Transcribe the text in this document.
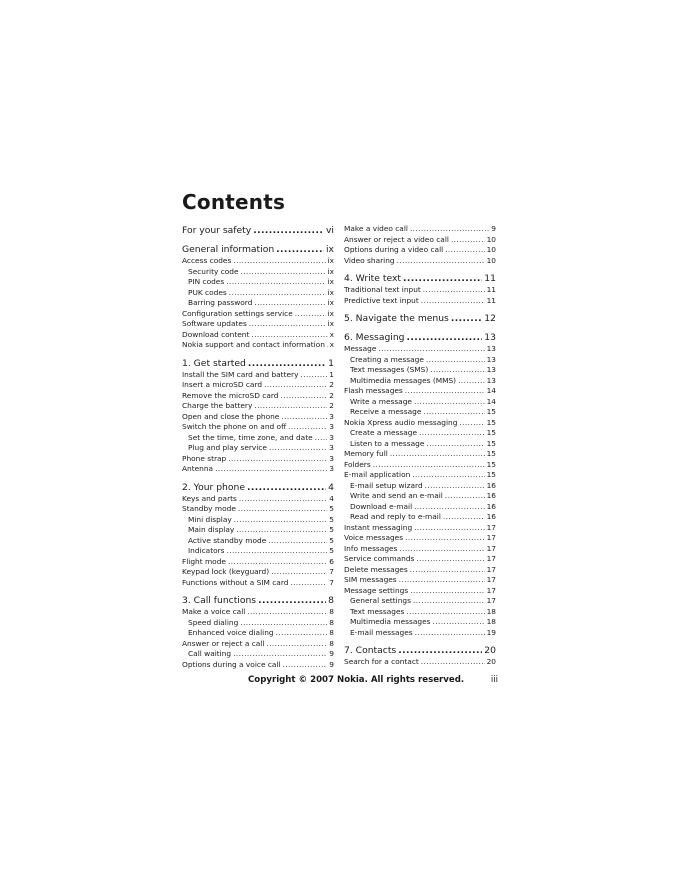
Contents
For your safety .....	vi
General information .....	ix
Access codes .....	ix
Security code .....	ix
PIN codes .....	ix
PUK codes .....	ix
Barring password .....	ix
Configuration settings service .....	ix
Software updates .....	ix
Download content .....	x
Nokia support and contact information ..... x
1. Get started .....	1
Install the SIM card and battery .....	1
Insert a microSD card .....	2
Remove the microSD card .....	2
Charge the battery .....	2
Open and close the phone .....	3
Switch the phone on and off .....	3
Set the time, time zone, and date ..... 3
Plug and play service .....	3
Phone strap .....	3
Antenna .....	3
2. Your phone .....	4
Keys and parts .....	4
Standby mode .....	5
Mini display .....	5
Main display .....	5
Active standby mode .....	5
Indicators .....	5
Flight mode .....	6
Keypad lock (keyguard) .....	7
Functions without a SIM card .....	7
3. Call functions .....	8
Make a voice call .....	8
Speed dialing .....	8
Enhanced voice dialing .....	8
Answer or reject a call .....	8
Call waiting .....	9
Options during a voice call .....	9
Make a video call .....	9
Answer or reject a video call .....	10
Options during a video call .....	10
Video sharing .....	10
4. Write text .....	11
Traditional text input .....	11
Predictive text input .....	11
5. Navigate the menus .....	12
6. Messaging .....	13
Message .....	13
Creating a message .....	13
Text messages (SMS) .....	13
Multimedia messages (MMS) .....	13
Flash messages .....	14
Write a message .....	14
Receive a message .....	15
Nokia Xpress audio messaging .....	15
Create a message .....	15
Listen to a message .....	15
Memory full .....	15
Folders .....	15
E-mail application .....	15
E-mail setup wizard .....	16
Write and send an e-mail .....	16
Download e-mail .....	16
Read and reply to e-mail .....	16
Instant messaging .....	17
Voice messages .....	17
Info messages .....	17
Service commands .....	17
Delete messages .....	17
SIM messages .....	17
Message settings .....	17
General settings .....	17
Text messages .....	18
Multimedia messages .....	18
E-mail messages .....	19
7. Contacts .....	20
Search for a contact .....	20
Copyright © 2007 Nokia. All rights reserved.	iii
